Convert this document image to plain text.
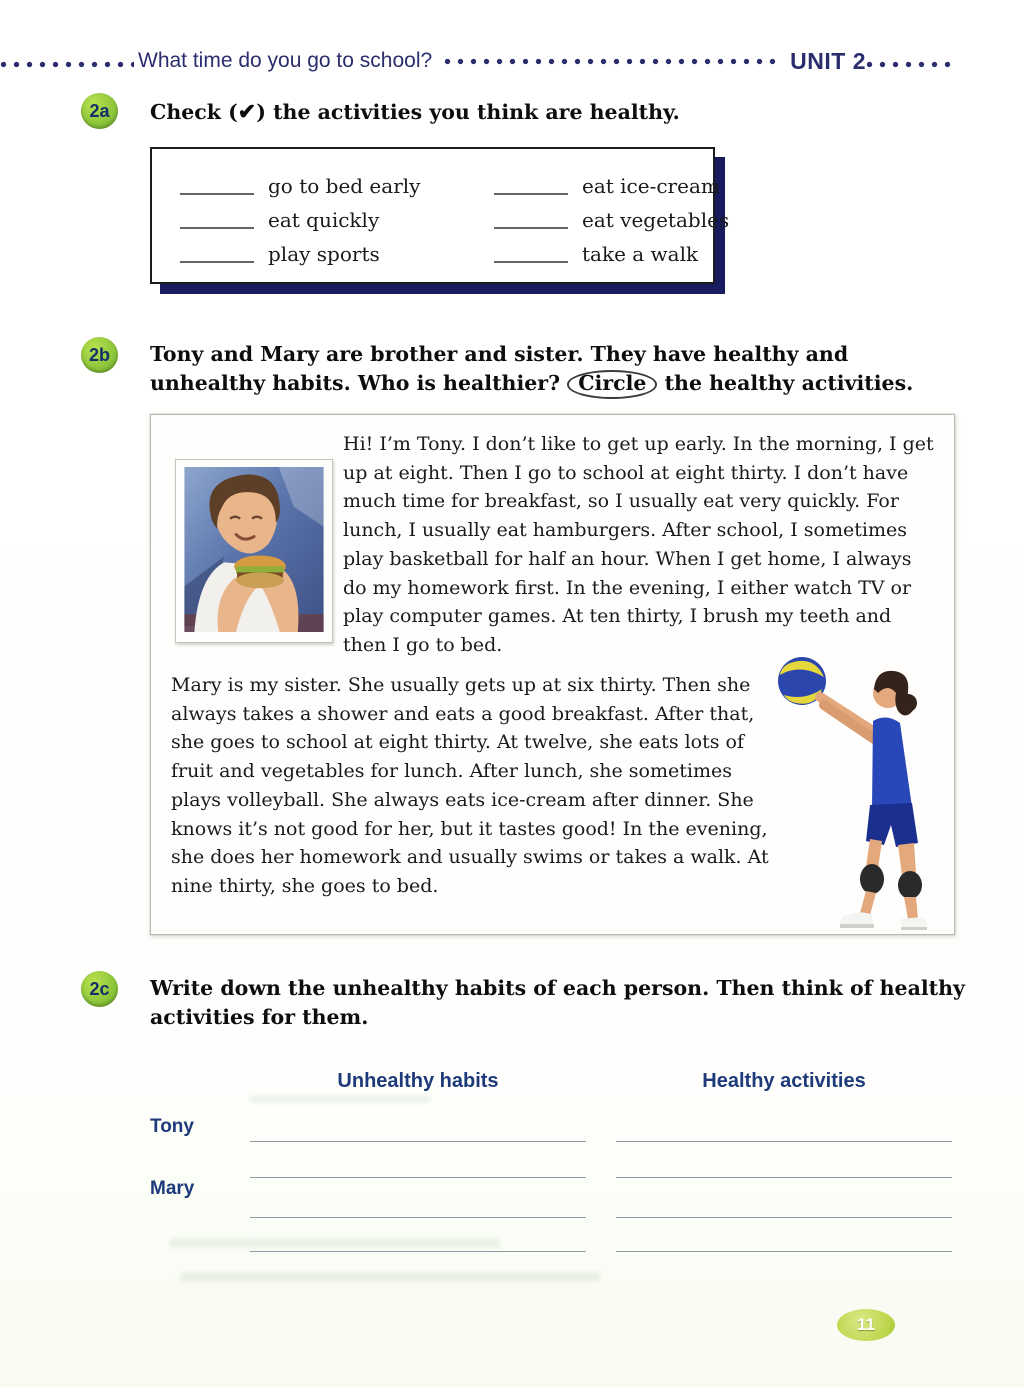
What time do you go to school?	UNIT 2
2a	Check (✔) the activities you think are healthy.
go to bed early	eat ice-cream
eat quickly	eat vegetables
play sports	take a walk
2b	Tony and Mary are brother and sister. They have healthy and unhealthy habits. Who is healthier? Circle the healthy activities.
Hi! I’m Tony. I don’t like to get up early. In the morning, I get up at eight. Then I go to school at eight thirty. I don’t have much time for breakfast, so I usually eat very quickly. For lunch, I usually eat hamburgers. After school, I sometimes play basketball for half an hour. When I get home, I always do my homework first. In the evening, I either watch TV or play computer games. At ten thirty, I brush my teeth and then I go to bed.
Mary is my sister. She usually gets up at six thirty. Then she always takes a shower and eats a good breakfast. After that, she goes to school at eight thirty. At twelve, she eats lots of fruit and vegetables for lunch. After lunch, she sometimes plays volleyball. She always eats ice-cream after dinner. She knows it’s not good for her, but it tastes good! In the evening, she does her homework and usually swims or takes a walk. At nine thirty, she goes to bed.
2c	Write down the unhealthy habits of each person. Then think of healthy activities for them.
Unhealthy habits	Healthy activities
Tony
Mary
11
